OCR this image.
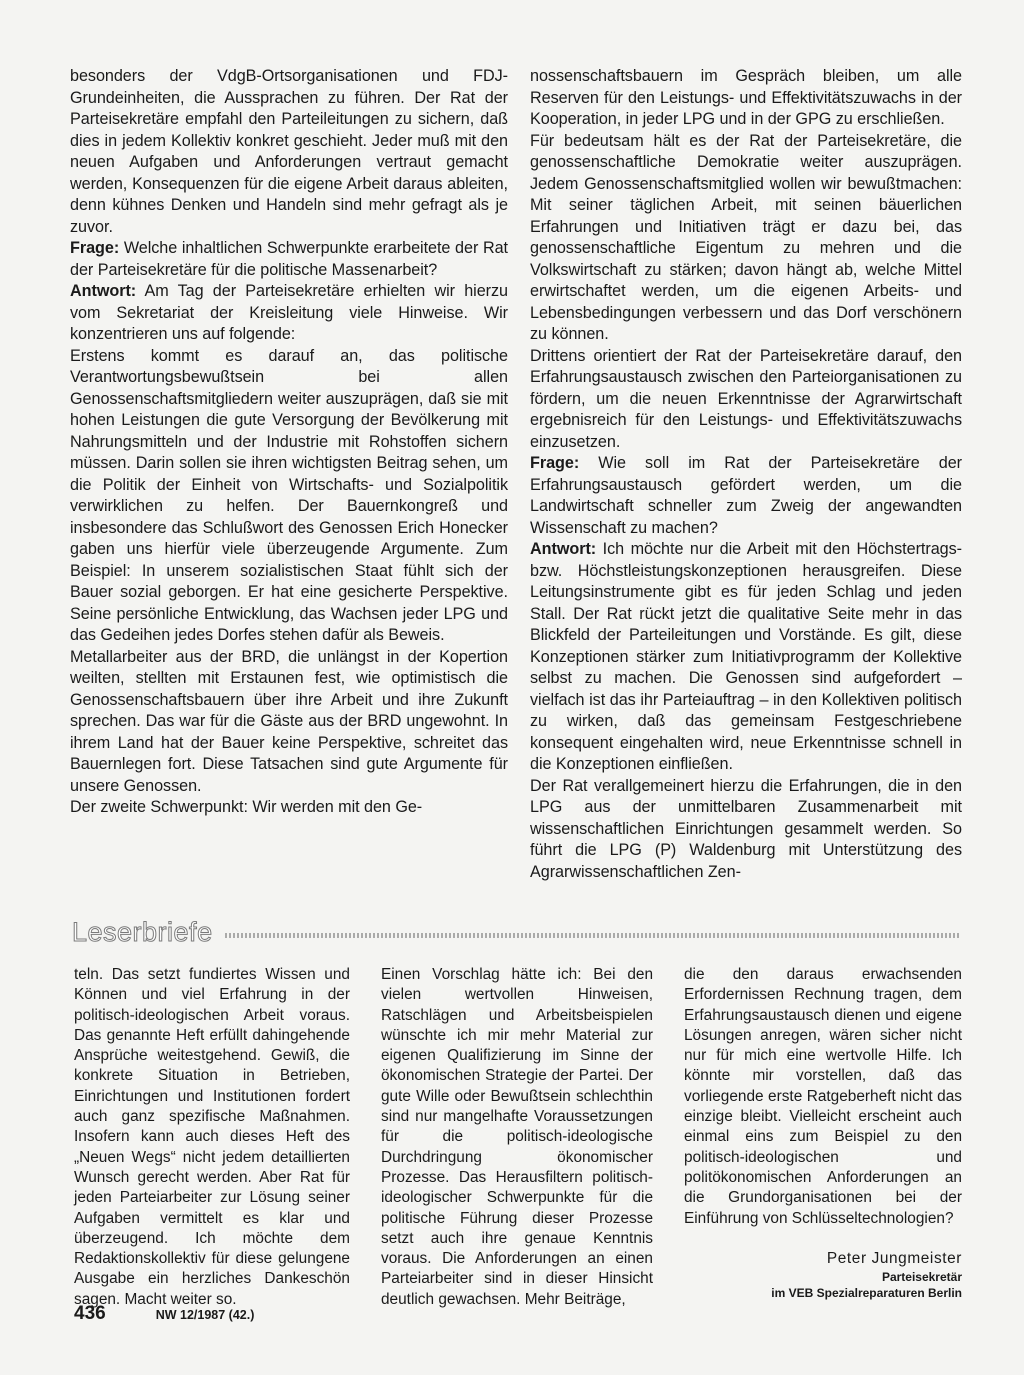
besonders der VdgB-Ortsorganisationen und FDJ-Grundeinheiten, die Aussprachen zu führen. Der Rat der Parteisekretäre empfahl den Parteileitungen zu sichern, daß dies in jedem Kollektiv konkret geschieht. Jeder muß mit den neuen Aufgaben und Anforderungen vertraut gemacht werden, Konsequenzen für die eigene Arbeit daraus ableiten, denn kühnes Denken und Handeln sind mehr gefragt als je zuvor.

Frage: Welche inhaltlichen Schwerpunkte erarbeitete der Rat der Parteisekretäre für die politische Massenarbeit?

Antwort: Am Tag der Parteisekretäre erhielten wir hierzu vom Sekretariat der Kreisleitung viele Hinweise. Wir konzentrieren uns auf folgende:

Erstens kommt es darauf an, das politische Verantwortungsbewußtsein bei allen Genossenschaftsmitgliedern weiter auszuprägen, daß sie mit hohen Leistungen die gute Versorgung der Bevölkerung mit Nahrungsmitteln und der Industrie mit Rohstoffen sichern müssen. Darin sollen sie ihren wichtigsten Beitrag sehen, um die Politik der Einheit von Wirtschafts- und Sozialpolitik verwirklichen zu helfen. Der Bauernkongreß und insbesondere das Schlußwort des Genossen Erich Honecker gaben uns hierfür viele überzeugende Argumente. Zum Beispiel: In unserem sozialistischen Staat fühlt sich der Bauer sozial geborgen. Er hat eine gesicherte Perspektive. Seine persönliche Entwicklung, das Wachsen jeder LPG und das Gedeihen jedes Dorfes stehen dafür als Beweis.

Metallarbeiter aus der BRD, die unlängst in der Kopertion weilten, stellten mit Erstaunen fest, wie optimistisch die Genossenschaftsbauern über ihre Arbeit und ihre Zukunft sprechen. Das war für die Gäste aus der BRD ungewohnt. In ihrem Land hat der Bauer keine Perspektive, schreitet das Bauernlegen fort. Diese Tatsachen sind gute Argumente für unsere Genossen.

Der zweite Schwerpunkt: Wir werden mit den Ge-

nossenschaftsbauern im Gespräch bleiben, um alle Reserven für den Leistungs- und Effektivitätszuwachs in der Kooperation, in jeder LPG und in der GPG zu erschließen.

Für bedeutsam hält es der Rat der Parteisekretäre, die genossenschaftliche Demokratie weiter auszuprägen. Jedem Genossenschaftsmitglied wollen wir bewußtmachen: Mit seiner täglichen Arbeit, mit seinen bäuerlichen Erfahrungen und Initiativen trägt er dazu bei, das genossenschaftliche Eigentum zu mehren und die Volkswirtschaft zu stärken; davon hängt ab, welche Mittel erwirtschaftet werden, um die eigenen Arbeits- und Lebensbedingungen verbessern und das Dorf verschönern zu können.

Drittens orientiert der Rat der Parteisekretäre darauf, den Erfahrungsaustausch zwischen den Parteiorganisationen zu fördern, um die neuen Erkenntnisse der Agrarwirtschaft ergebnisreich für den Leistungs- und Effektivitätszuwachs einzusetzen.

Frage: Wie soll im Rat der Parteisekretäre der Erfahrungsaustausch gefördert werden, um die Landwirtschaft schneller zum Zweig der angewandten Wissenschaft zu machen?

Antwort: Ich möchte nur die Arbeit mit den Höchstertrags- bzw. Höchstleistungskonzeptionen herausgreifen. Diese Leitungsinstrumente gibt es für jeden Schlag und jeden Stall. Der Rat rückt jetzt die qualitative Seite mehr in das Blickfeld der Parteileitungen und Vorstände. Es gilt, diese Konzeptionen stärker zum Initiativprogramm der Kollektive selbst zu machen. Die Genossen sind aufgefordert – vielfach ist das ihr Parteiauftrag – in den Kollektiven politisch zu wirken, daß das gemeinsam Festgeschriebene konsequent eingehalten wird, neue Erkenntnisse schnell in die Konzeptionen einfließen.

Der Rat verallgemeinert hierzu die Erfahrungen, die in den LPG aus der unmittelbaren Zusammenarbeit mit wissenschaftlichen Einrichtungen gesammelt werden. So führt die LPG (P) Waldenburg mit Unterstützung des Agrarwissenschaftlichen Zen-

Leserbriefe

teln. Das setzt fundiertes Wissen und Können und viel Erfahrung in der politisch-ideologischen Arbeit voraus. Das genannte Heft erfüllt dahingehende Ansprüche weitestgehend. Gewiß, die konkrete Situation in Betrieben, Einrichtungen und Institutionen fordert auch ganz spezifische Maßnahmen. Insofern kann auch dieses Heft des „Neuen Wegs“ nicht jedem detaillierten Wunsch gerecht werden. Aber Rat für jeden Parteiarbeiter zur Lösung seiner Aufgaben vermittelt es klar und überzeugend. Ich möchte dem Redaktionskollektiv für diese gelungene Ausgabe ein herzliches Dankeschön sagen. Macht weiter so.

Einen Vorschlag hätte ich: Bei den vielen wertvollen Hinweisen, Ratschlägen und Arbeitsbeispielen wünschte ich mir mehr Material zur eigenen Qualifizierung im Sinne der ökonomischen Strategie der Partei. Der gute Wille oder Bewußtsein schlechthin sind nur mangelhafte Voraussetzungen für die politisch-ideologische Durchdringung ökonomischer Prozesse. Das Herausfiltern politisch-ideologischer Schwerpunkte für die politische Führung dieser Prozesse setzt auch ihre genaue Kenntnis voraus. Die Anforderungen an einen Parteiarbeiter sind in dieser Hinsicht deutlich gewachsen. Mehr Beiträge,

die den daraus erwachsenden Erfordernissen Rechnung tragen, dem Erfahrungsaustausch dienen und eigene Lösungen anregen, wären sicher nicht nur für mich eine wertvolle Hilfe. Ich könnte mir vorstellen, daß das vorliegende erste Ratgeberheft nicht das einzige bleibt. Vielleicht erscheint auch einmal eins zum Beispiel zu den politisch-ideologischen und politökonomischen Anforderungen an die Grundorganisationen bei der Einführung von Schlüsseltechnologien?

Peter Jungmeister
Parteisekretär
im VEB Spezialreparaturen Berlin
436	NW 12/1987 (42.)
